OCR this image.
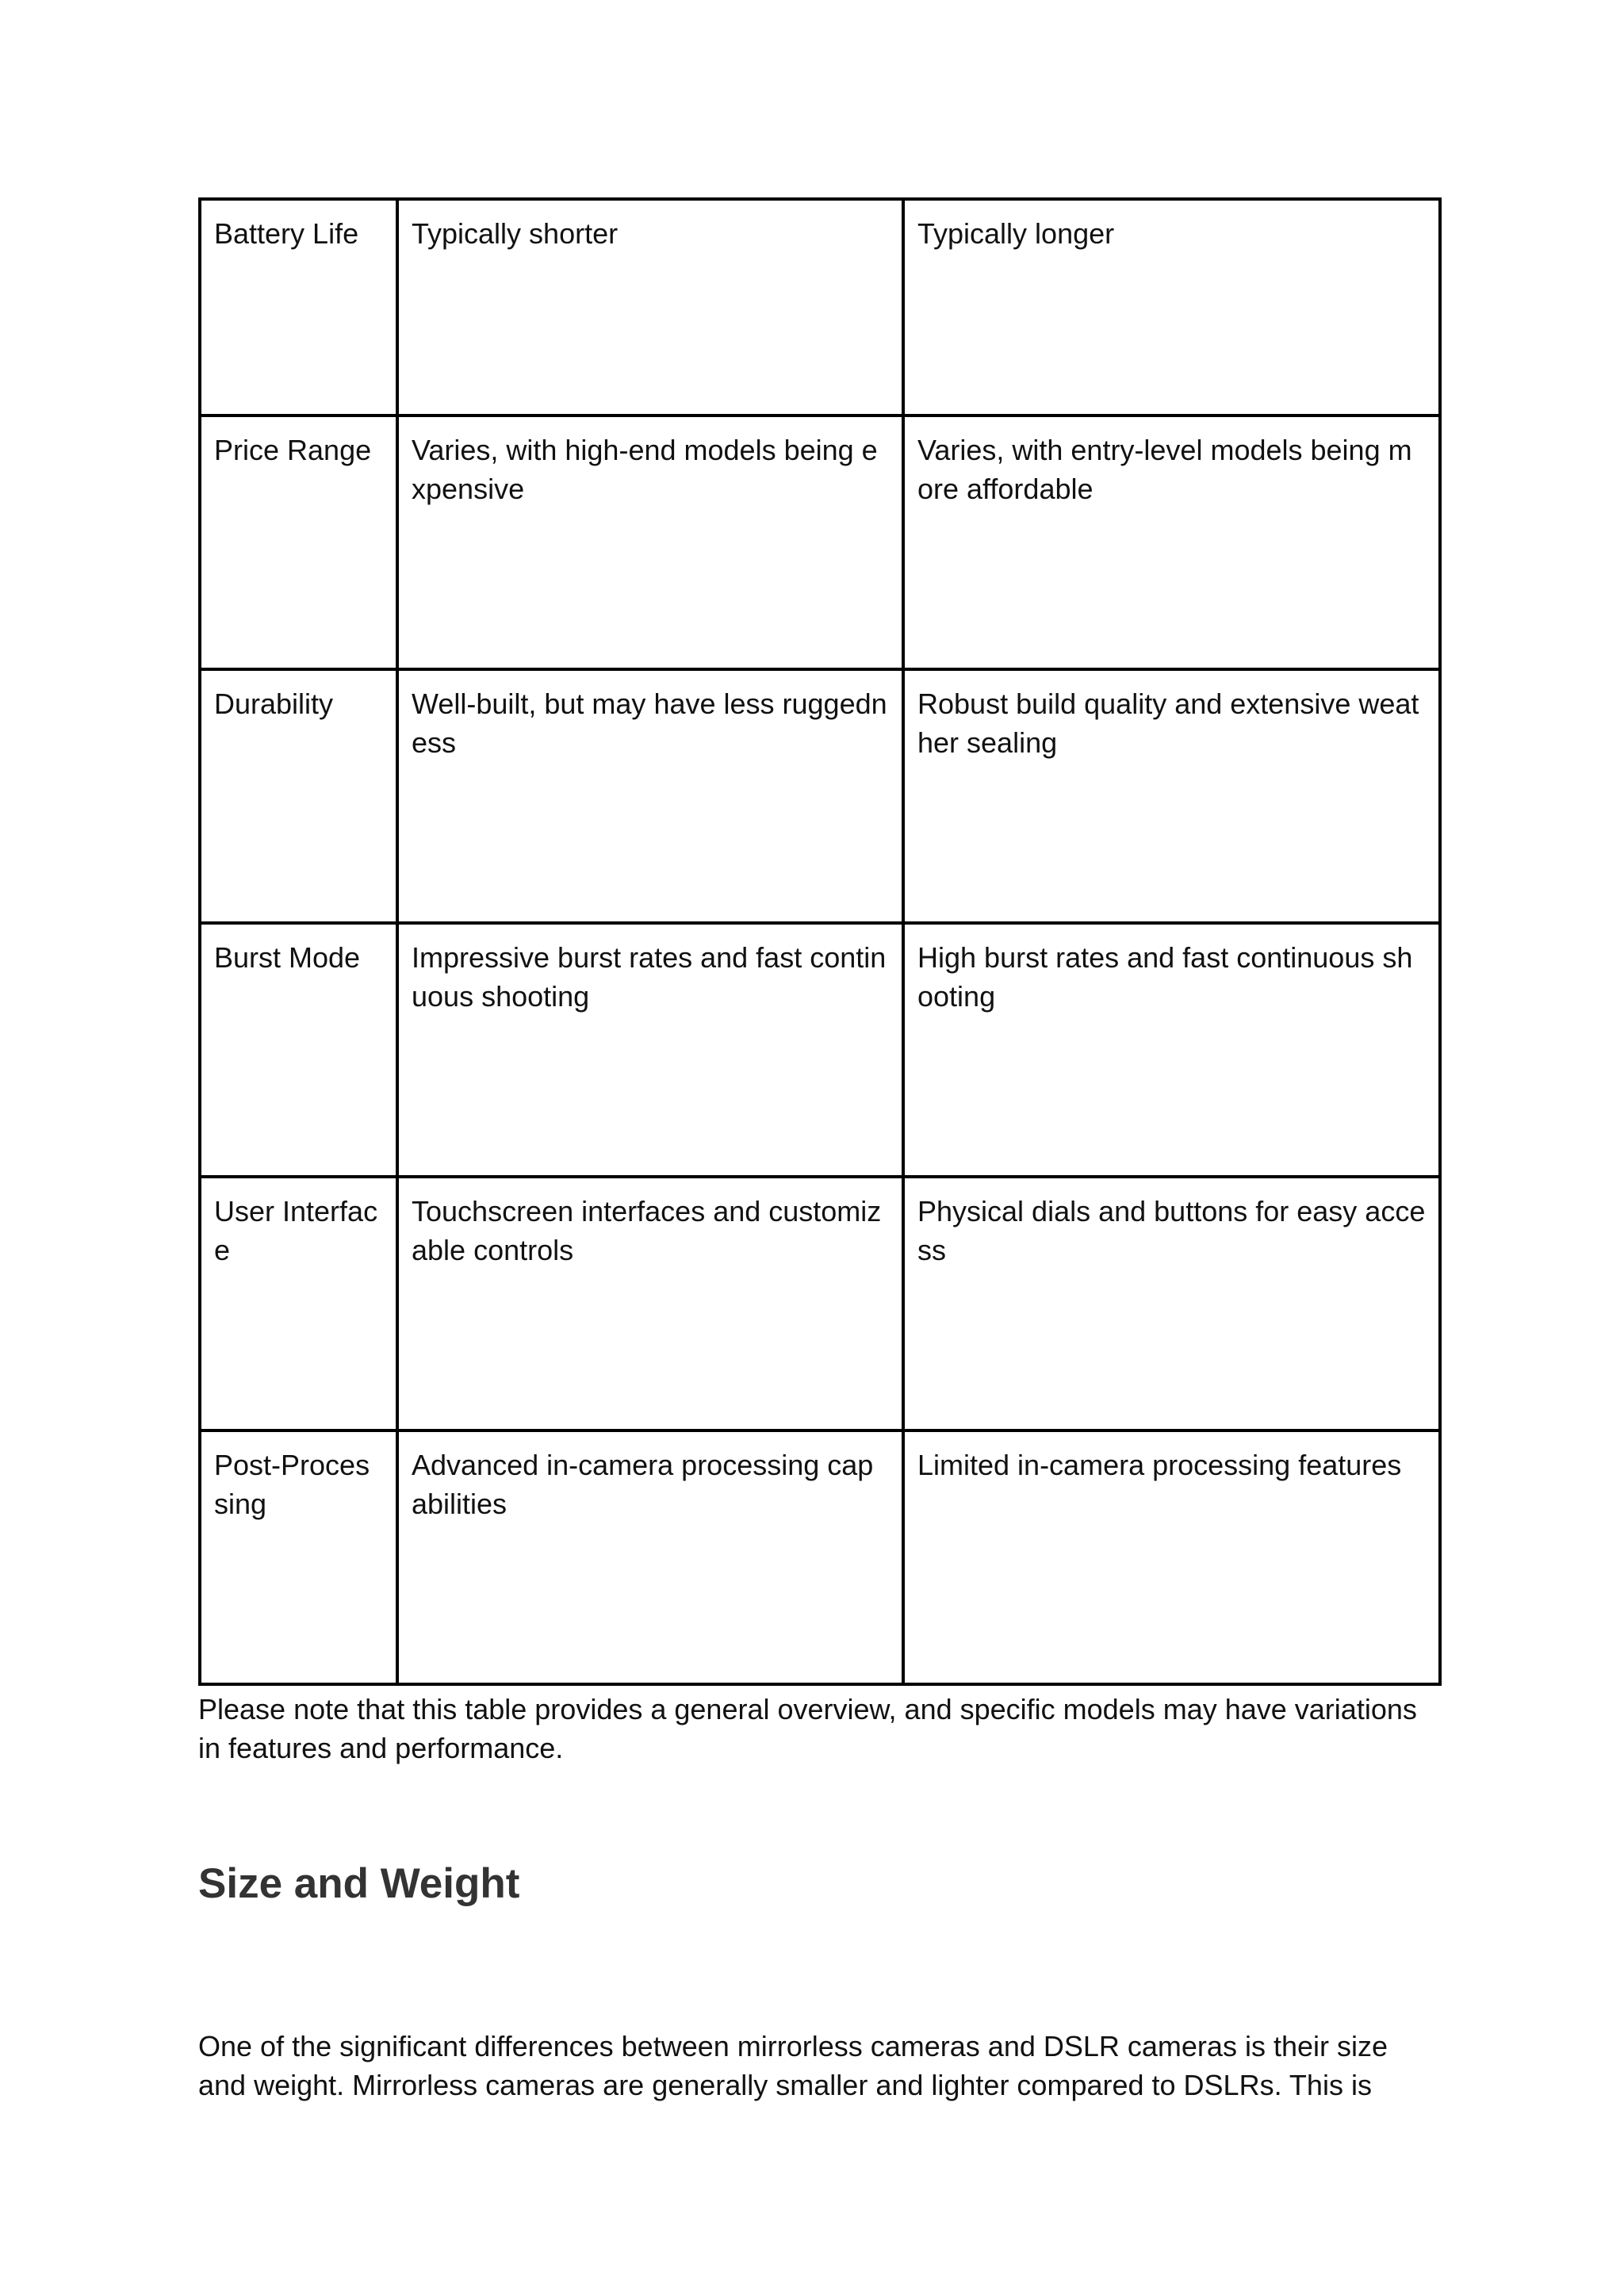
Battery Life	Typically shorter	Typically longer
Price Range	Varies, with high-end models being expensive	Varies, with entry-level models being more affordable
Durability	Well-built, but may have less ruggedness	Robust build quality and extensive weather sealing
Burst Mode	Impressive burst rates and fast continuous shooting	High burst rates and fast continuous shooting
User Interface	Touchscreen interfaces and customizable controls	Physical dials and buttons for easy access
Post-Processing	Advanced in-camera processing capabilities	Limited in-camera processing features

Please note that this table provides a general overview, and specific models may have variations in features and performance.

Size and Weight

One of the significant differences between mirrorless cameras and DSLR cameras is their size and weight. Mirrorless cameras are generally smaller and lighter compared to DSLRs. This is
